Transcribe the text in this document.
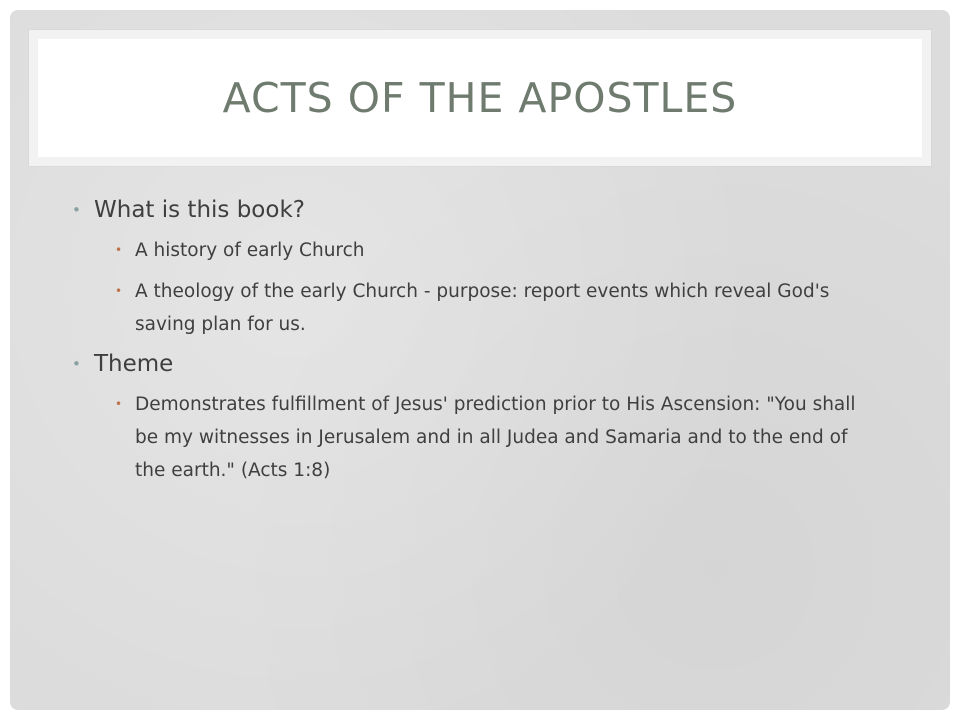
ACTS OF THE APOSTLES
• What is this book?
• A history of early Church
• A theology of the early Church - purpose: report events which reveal God's saving plan for us.
• Theme
• Demonstrates fulfillment of Jesus' prediction prior to His Ascension: "You shall be my witnesses in Jerusalem and in all Judea and Samaria and to the end of the earth." (Acts 1:8)
